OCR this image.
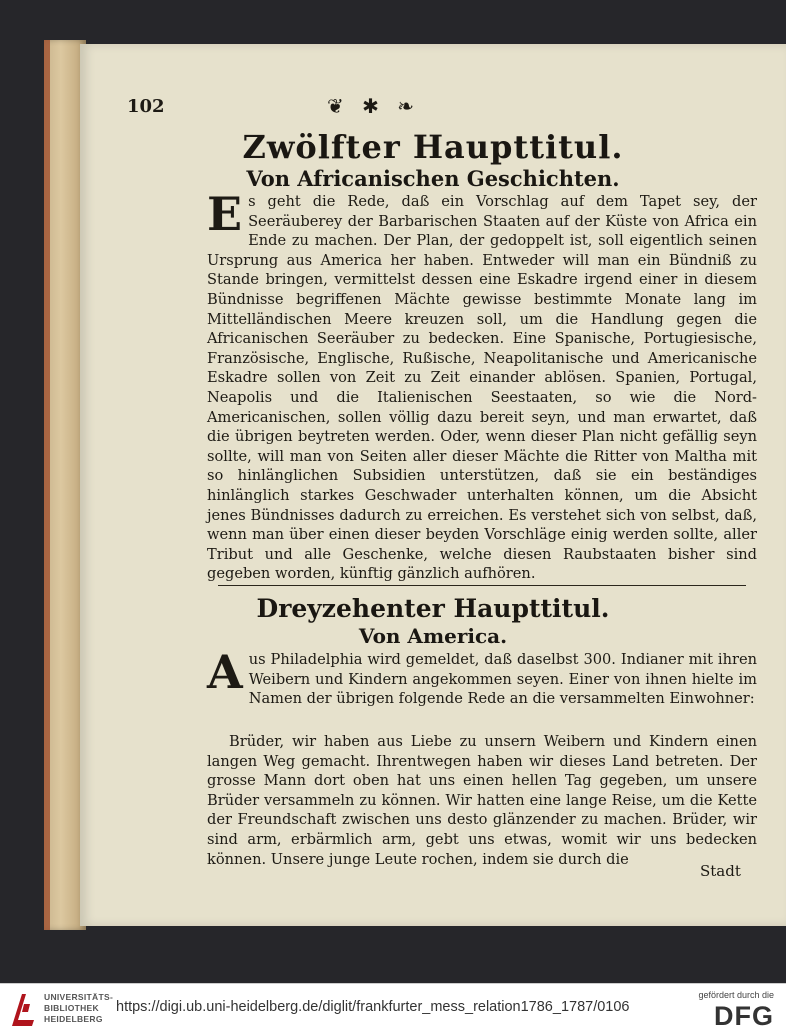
102	❦ ✱ ❧
Zwölfter Haupttitul.
Von Africanischen Geschichten.
Es geht die Rede, daß ein Vorschlag auf dem Tapet sey, der Seeräuberey der Barbarischen Staaten auf der Küste von Africa ein Ende zu machen. Der Plan, der gedoppelt ist, soll eigentlich seinen Ursprung aus America her haben. Entweder will man ein Bündniß zu Stande bringen, vermittelst dessen eine Eskadre irgend einer in diesem Bündnisse begriffenen Mächte gewisse bestimmte Monate lang im Mittelländischen Meere kreuzen soll, um die Handlung gegen die Africanischen Seeräuber zu bedecken. Eine Spanische, Portugiesische, Französische, Englische, Rußische, Neapolitanische und Americanische Eskadre sollen von Zeit zu Zeit einander ablösen. Spanien, Portugal, Neapolis und die Italienischen Seestaaten, so wie die Nord-Americanischen, sollen völlig dazu bereit seyn, und man erwartet, daß die übrigen beytreten werden. Oder, wenn dieser Plan nicht gefällig seyn sollte, will man von Seiten aller dieser Mächte die Ritter von Maltha mit so hinlänglichen Subsidien unterstützen, daß sie ein beständiges hinlänglich starkes Geschwader unterhalten können, um die Absicht jenes Bündnisses dadurch zu erreichen. Es verstehet sich von selbst, daß, wenn man über einen dieser beyden Vorschläge einig werden sollte, aller Tribut und alle Geschenke, welche diesen Raubstaaten bisher sind gegeben worden, künftig gänzlich aufhören.
Dreyzehenter Haupttitul.
Von America.
Aus Philadelphia wird gemeldet, daß daselbst 300. Indianer mit ihren Weibern und Kindern angekommen seyen. Einer von ihnen hielte im Namen der übrigen folgende Rede an die versammelten Einwohner:
Brüder, wir haben aus Liebe zu unsern Weibern und Kindern einen langen Weg gemacht. Ihrentwegen haben wir dieses Land betreten. Der grosse Mann dort oben hat uns einen hellen Tag gegeben, um unsere Brüder versammeln zu können. Wir hatten eine lange Reise, um die Kette der Freundschaft zwischen uns desto glänzender zu machen. Brüder, wir sind arm, erbärmlich arm, gebt uns etwas, womit wir uns bedecken können. Unsere junge Leute rochen, indem sie durch die
Stadt
UNIVERSITÄTS-
BIBLIOTHEK
HEIDELBERG
https://digi.ub.uni-heidelberg.de/diglit/frankfurter_mess_relation1786_1787/0106
gefördert durch die
DFG
